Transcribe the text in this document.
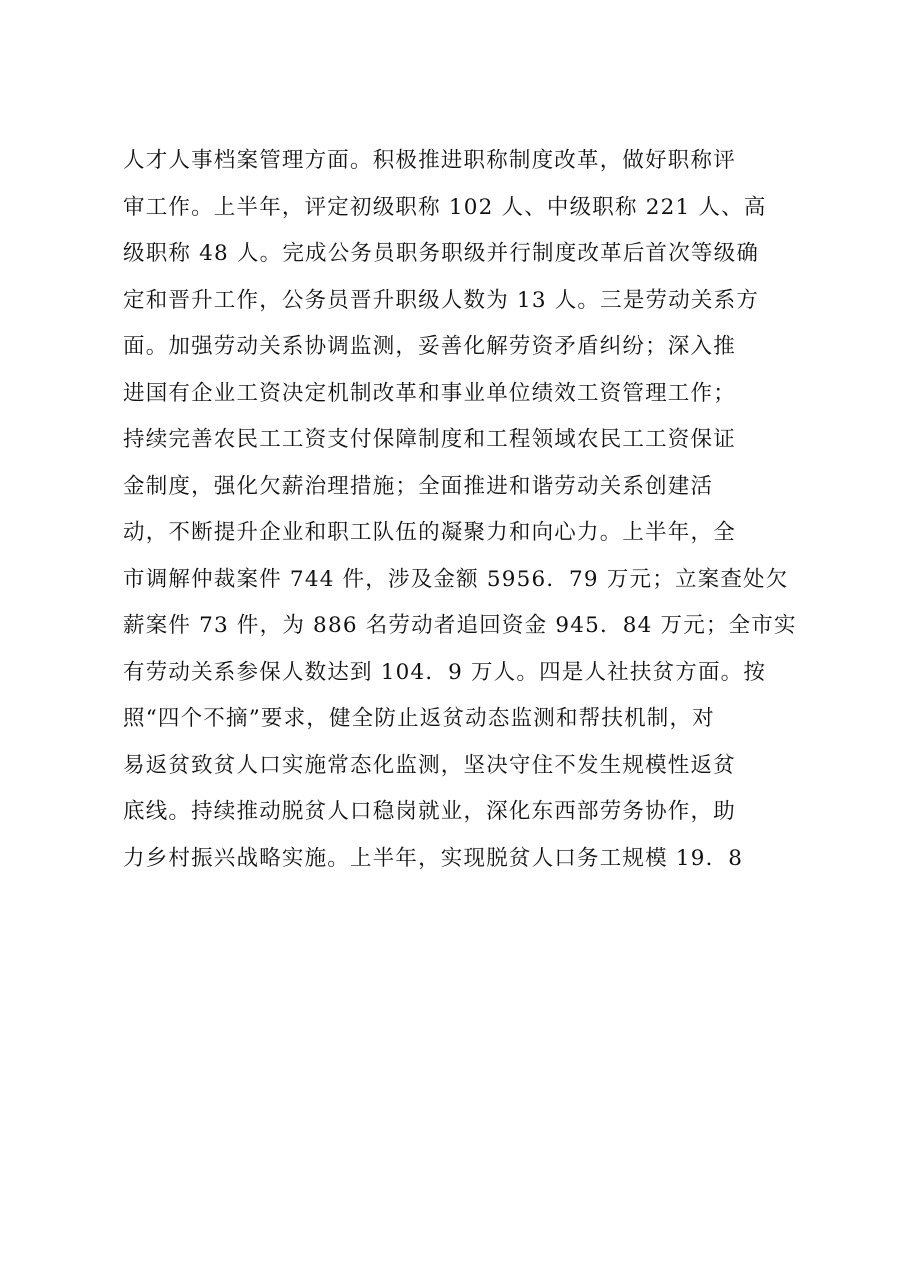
人才人事档案管理方面。积极推进职称制度改革，做好职称评
审工作。上半年，评定初级职称 102 人、中级职称 221 人、高
级职称 48 人。完成公务员职务职级并行制度改革后首次等级确
定和晋升工作，公务员晋升职级人数为 13 人。三是劳动关系方
面。加强劳动关系协调监测，妥善化解劳资矛盾纠纷；深入推
进国有企业工资决定机制改革和事业单位绩效工资管理工作；
持续完善农民工工资支付保障制度和工程领域农民工工资保证
金制度，强化欠薪治理措施；全面推进和谐劳动关系创建活
动，不断提升企业和职工队伍的凝聚力和向心力。上半年，全
市调解仲裁案件 744 件，涉及金额 5956．79 万元；立案查处欠
薪案件 73 件，为 886 名劳动者追回资金 945．84 万元；全市实
有劳动关系参保人数达到 104．9 万人。四是人社扶贫方面。按
照“四个不摘”要求，健全防止返贫动态监测和帮扶机制，对
易返贫致贫人口实施常态化监测，坚决守住不发生规模性返贫
底线。持续推动脱贫人口稳岗就业，深化东西部劳务协作，助
力乡村振兴战略实施。上半年，实现脱贫人口务工规模 19．8
